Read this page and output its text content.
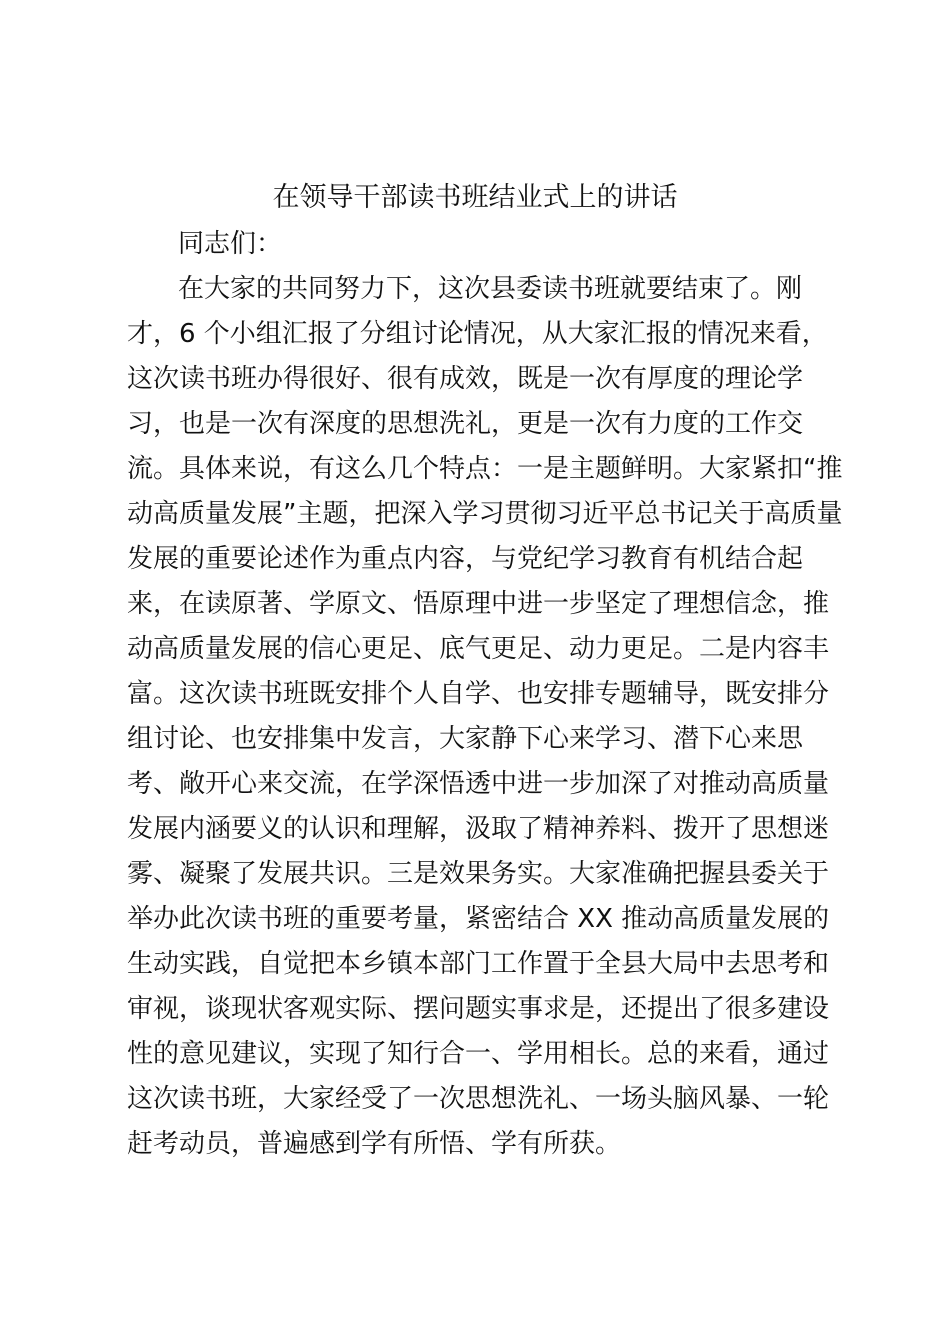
在领导干部读书班结业式上的讲话

同志们：

在大家的共同努力下，这次县委读书班就要结束了。刚

才，6 个小组汇报了分组讨论情况，从大家汇报的情况来看，

这次读书班办得很好、很有成效，既是一次有厚度的理论学

习，也是一次有深度的思想洗礼，更是一次有力度的工作交

流。具体来说，有这么几个特点：一是主题鲜明。大家紧扣“推

动高质量发展”主题，把深入学习贯彻习近平总书记关于高质量

发展的重要论述作为重点内容，与党纪学习教育有机结合起

来，在读原著、学原文、悟原理中进一步坚定了理想信念，推

动高质量发展的信心更足、底气更足、动力更足。二是内容丰

富。这次读书班既安排个人自学、也安排专题辅导，既安排分

组讨论、也安排集中发言，大家静下心来学习、潜下心来思

考、敞开心来交流，在学深悟透中进一步加深了对推动高质量

发展内涵要义的认识和理解，汲取了精神养料、拨开了思想迷

雾、凝聚了发展共识。三是效果务实。大家准确把握县委关于

举办此次读书班的重要考量，紧密结合 XX 推动高质量发展的

生动实践，自觉把本乡镇本部门工作置于全县大局中去思考和

审视，谈现状客观实际、摆问题实事求是，还提出了很多建设

性的意见建议，实现了知行合一、学用相长。总的来看，通过

这次读书班，大家经受了一次思想洗礼、一场头脑风暴、一轮

赶考动员，普遍感到学有所悟、学有所获。
